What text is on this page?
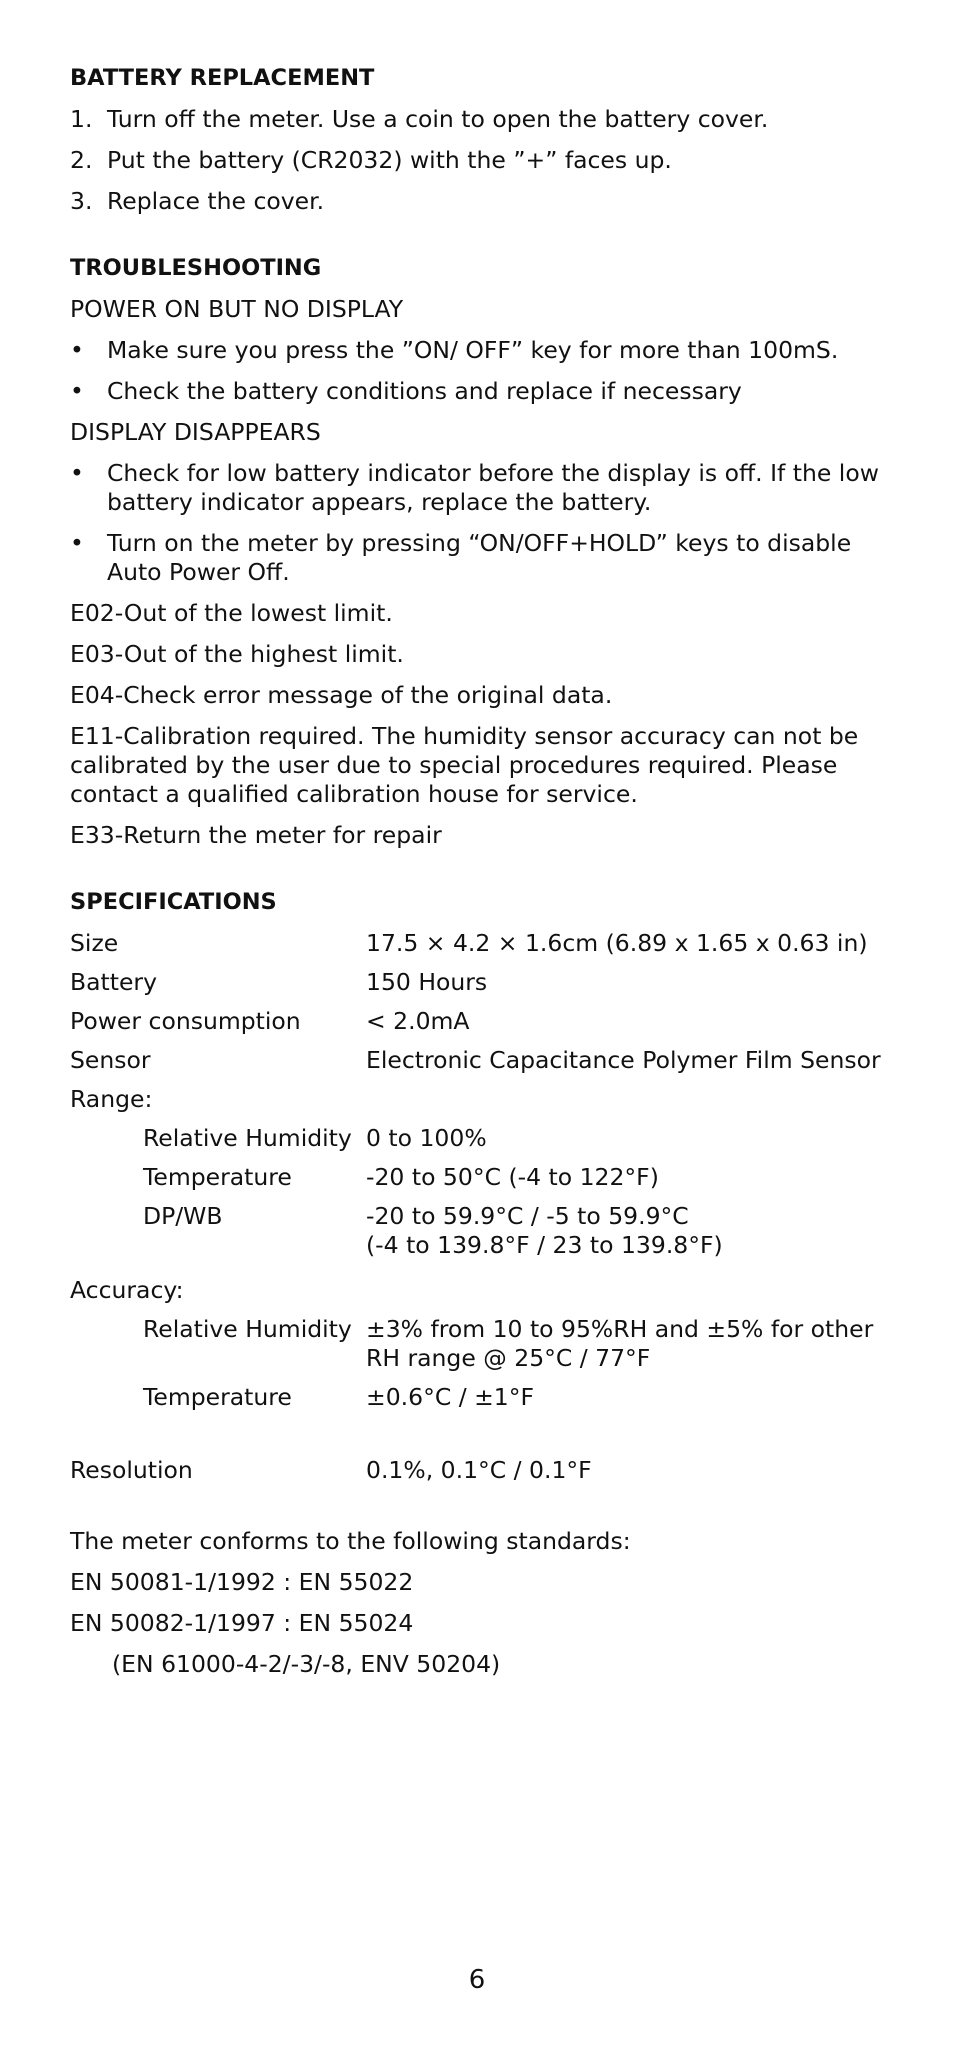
BATTERY REPLACEMENT
1. Turn off the meter. Use a coin to open the battery cover.
2. Put the battery (CR2032) with the ”+” faces up.
3. Replace the cover.
TROUBLESHOOTING
POWER ON BUT NO DISPLAY
• Make sure you press the ”ON/ OFF” key for more than 100mS.
• Check the battery conditions and replace if necessary
DISPLAY DISAPPEARS
• Check for low battery indicator before the display is off. If the low battery indicator appears, replace the battery.
• Turn on the meter by pressing “ON/OFF+HOLD” keys to disable Auto Power Off.
E02-Out of the lowest limit.
E03-Out of the highest limit.
E04-Check error message of the original data.
E11-Calibration required. The humidity sensor accuracy can not be calibrated by the user due to special procedures required. Please contact a qualified calibration house for service.
E33-Return the meter for repair
SPECIFICATIONS
Size	17.5 × 4.2 × 1.6cm (6.89 x 1.65 x 0.63 in)
Battery	150 Hours
Power consumption	< 2.0mA
Sensor	Electronic Capacitance Polymer Film Sensor
Range:
Relative Humidity 0 to 100%
Temperature	-20 to 50°C (-4 to 122°F)
DP/WB	-20 to 59.9°C / -5 to 59.9°C
(-4 to 139.8°F / 23 to 139.8°F)
Accuracy:
Relative Humidity ±3% from 10 to 95%RH and ±5% for other
RH range @ 25°C / 77°F
Temperature	±0.6°C / ±1°F
Resolution	0.1%, 0.1°C / 0.1°F
The meter conforms to the following standards:
EN 50081-1/1992 : EN 55022
EN 50082-1/1997 : EN 55024
(EN 61000-4-2/-3/-8, ENV 50204)
6
